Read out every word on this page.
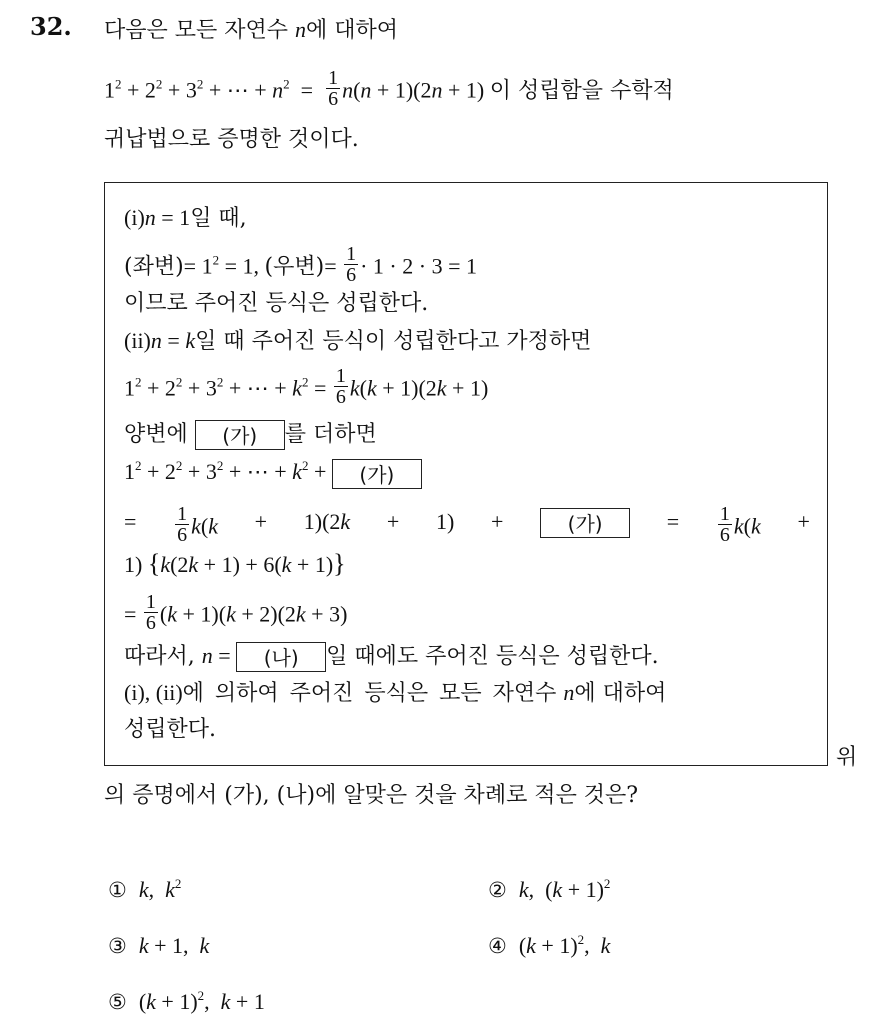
32. 다음은 모든 자연수 n에 대하여
$1^2 + 2^2 + 3^2$ + ⋯ + $n^2 = \frac{1}{6} n(n + 1)(2n + 1)$ 이 성립함을 수학적
귀납법으로 증명한 것이다.
(i)n = 1일 때,
(좌변)= $1^2 = 1$, (우변)= $\frac{1}{6} \cdot 1 \cdot 2 \cdot 3 = 1$
이므로 주어진 등식은 성립한다.
(ii)n = k일 때 주어진 등식이 성립한다고 가정하면
$1^2 + 2^2 + 3^2$ + ⋯ + $k^2 = \frac{1}{6} k(k + 1)(2k + 1)$
양변에 (가) 를 더하면
$1^2 + 2^2 + 3^2$ + ⋯ + $k^2$ + (가)
= $\frac{1}{6} k(k + 1)(2k + 1)$ +	(가)	= $\frac{1}{6} k(k$ +
1) {k(2k + 1) + 6(k + 1)}
= $\frac{1}{6} (k + 1)(k + 2)(2k + 3)$
따라서, n = (나) 일 때에도 주어진 등식은 성립한다.
(i), (ii)에 의하여 주어진 등식은 모든 자연수 n에 대하여
성립한다.
위
의 증명에서 (가), (나)에 알맞은 것을 차례로 적은 것은?
① k,  $k^2$	② k,  $(k + 1)^2$
③ k + 1,  k	④ $(k + 1)^2$,  k
⑤ $(k + 1)^2$,  k + 1
